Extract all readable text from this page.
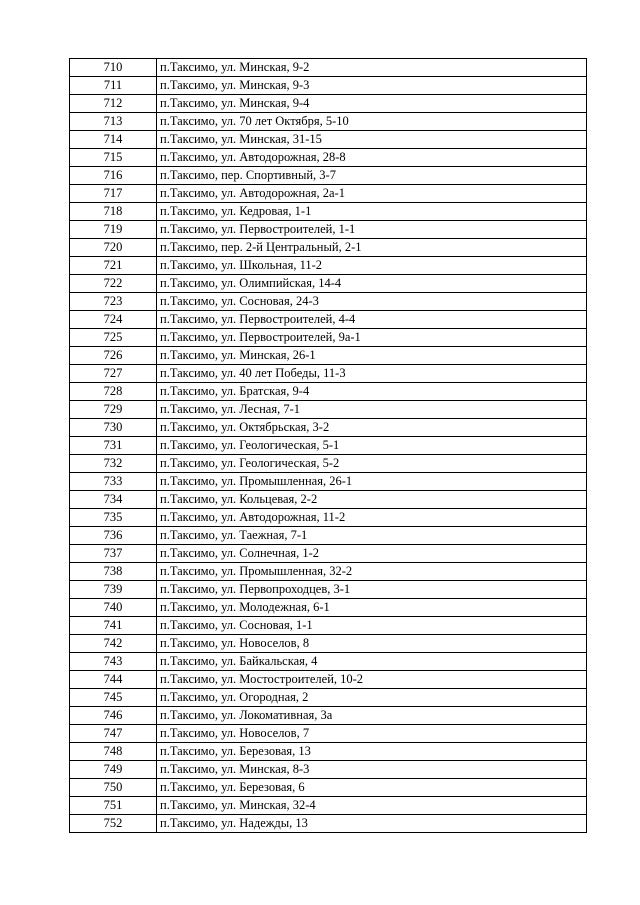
710	п.Таксимо, ул. Минская, 9-2
711	п.Таксимо, ул. Минская, 9-3
712	п.Таксимо, ул. Минская, 9-4
713	п.Таксимо, ул. 70 лет Октября, 5-10
714	п.Таксимо, ул. Минская, 31-15
715	п.Таксимо, ул. Автодорожная, 28-8
716	п.Таксимо, пер. Спортивный, 3-7
717	п.Таксимо, ул. Автодорожная, 2а-1
718	п.Таксимо, ул. Кедровая, 1-1
719	п.Таксимо, ул. Первостроителей, 1-1
720	п.Таксимо, пер. 2-й Центральный, 2-1
721	п.Таксимо, ул. Школьная, 11-2
722	п.Таксимо, ул. Олимпийская, 14-4
723	п.Таксимо, ул. Сосновая, 24-3
724	п.Таксимо, ул. Первостроителей, 4-4
725	п.Таксимо, ул. Первостроителей, 9а-1
726	п.Таксимо, ул. Минская, 26-1
727	п.Таксимо, ул. 40 лет Победы, 11-3
728	п.Таксимо, ул. Братская, 9-4
729	п.Таксимо, ул. Лесная, 7-1
730	п.Таксимо, ул. Октябрьская, 3-2
731	п.Таксимо, ул. Геологическая, 5-1
732	п.Таксимо, ул. Геологическая, 5-2
733	п.Таксимо, ул. Промышленная, 26-1
734	п.Таксимо, ул. Кольцевая, 2-2
735	п.Таксимо, ул. Автодорожная, 11-2
736	п.Таксимо, ул. Таежная, 7-1
737	п.Таксимо, ул. Солнечная, 1-2
738	п.Таксимо, ул. Промышленная, 32-2
739	п.Таксимо, ул. Первопроходцев, 3-1
740	п.Таксимо, ул. Молодежная, 6-1
741	п.Таксимо, ул. Сосновая, 1-1
742	п.Таксимо, ул. Новоселов, 8
743	п.Таксимо, ул. Байкальская, 4
744	п.Таксимо, ул. Мостостроителей, 10-2
745	п.Таксимо, ул. Огородная, 2
746	п.Таксимо, ул. Локомативная, 3а
747	п.Таксимо, ул. Новоселов, 7
748	п.Таксимо, ул. Березовая, 13
749	п.Таксимо, ул. Минская, 8-3
750	п.Таксимо, ул. Березовая, 6
751	п.Таксимо, ул. Минская, 32-4
752	п.Таксимо, ул. Надежды, 13
